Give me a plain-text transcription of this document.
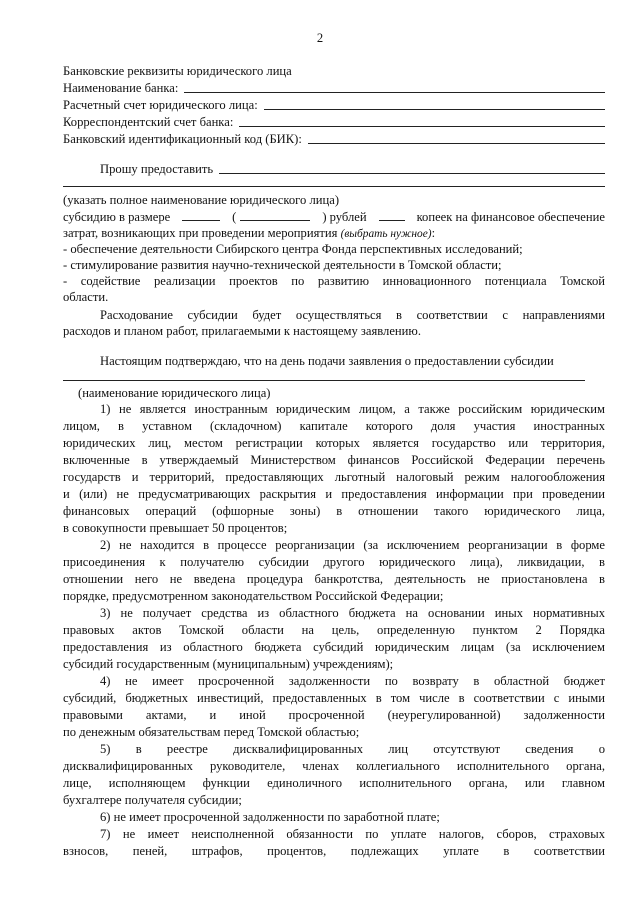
2
Банковские реквизиты юридического лица
Наименование банка:
Расчетный счет юридического лица:
Корреспондентский счет банка:
Банковский идентификационный код (БИК):
Прошу предоставить
(указать полное наименование юридического лица)
субсидию в размере	(	) рублей	копеек на финансовое обеспечение
затрат, возникающих при проведении мероприятия (выбрать нужное):
- обеспечение деятельности Сибирского центра Фонда перспективных исследований;
- стимулирование развития научно-технической деятельности в Томской области;
- содействие реализации проектов по развитию инновационного потенциала Томской
области.
Расходование субсидии будет осуществляться в соответствии с направлениями
расходов и планом работ, прилагаемыми к настоящему заявлению.
Настоящим подтверждаю, что на день подачи заявления о предоставлении субсидии
(наименование юридического лица)
1) не является иностранным юридическим лицом, а также российским юридическим
лицом, в уставном (складочном) капитале которого доля участия иностранных
юридических лиц, местом регистрации которых является государство или территория,
включенные в утверждаемый Министерством финансов Российской Федерации перечень
государств и территорий, предоставляющих льготный налоговый режим налогообложения
и (или) не предусматривающих раскрытия и предоставления информации при проведении
финансовых операций (офшорные зоны) в отношении такого юридического лица,
в совокупности превышает 50 процентов;
2) не находится в процессе реорганизации (за исключением реорганизации в форме
присоединения к получателю субсидии другого юридического лица), ликвидации, в
отношении него не введена процедура банкротства, деятельность не приостановлена в
порядке, предусмотренном законодательством Российской Федерации;
3) не получает средства из областного бюджета на основании иных нормативных
правовых актов Томской области на цель, определенную пунктом 2 Порядка
предоставления из областного бюджета субсидий юридическим лицам (за исключением
субсидий государственным (муниципальным) учреждениям);
4) не имеет просроченной задолженности по возврату в областной бюджет
субсидий, бюджетных инвестиций, предоставленных в том числе в соответствии с иными
правовыми актами, и иной просроченной (неурегулированной) задолженности
по денежным обязательствам перед Томской областью;
5) в реестре дисквалифицированных лиц отсутствуют сведения о
дисквалифицированных руководителе, членах коллегиального исполнительного органа,
лице, исполняющем функции единоличного исполнительного органа, или главном
бухгалтере получателя субсидии;
6) не имеет просроченной задолженности по заработной плате;
7) не имеет неисполненной обязанности по уплате налогов, сборов, страховых
взносов, пеней, штрафов, процентов, подлежащих уплате в соответствии
